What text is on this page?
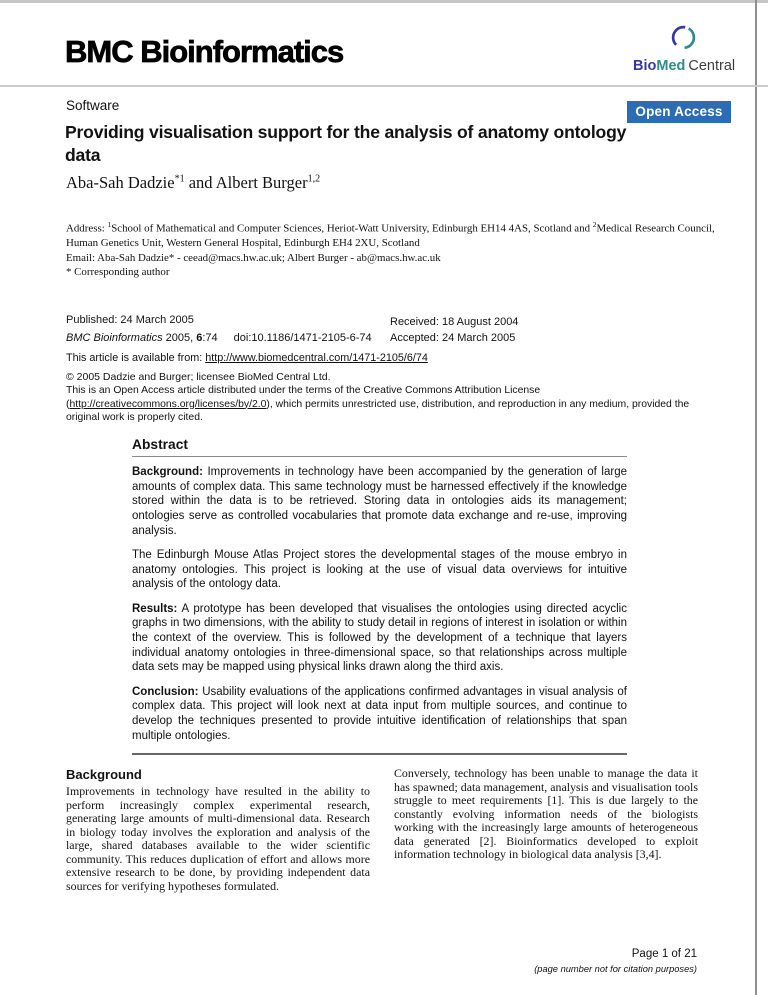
BMC Bioinformatics	BioMed Central
Software	Open Access
Providing visualisation support for the analysis of anatomy ontology
data
Aba-Sah Dadzie$^{*1}$ and Albert Burger$^{1,2}$
Address: $^1$School of Mathematical and Computer Sciences, Heriot-Watt University, Edinburgh EH14 4AS, Scotland and $^2$Medical Research Council, Human Genetics Unit, Western General Hospital, Edinburgh EH4 2XU, Scotland
Email: Aba-Sah Dadzie* - ceead@macs.hw.ac.uk; Albert Burger - ab@macs.hw.ac.uk
* Corresponding author
Published: 24 March 2005	Received: 18 August 2004
Accepted: 24 March 2005
BMC Bioinformatics 2005, 6:74 doi:10.1186/1471-2105-6-74
This article is available from: http://www.biomedcentral.com/1471-2105/6/74
© 2005 Dadzie and Burger; licensee BioMed Central Ltd.
This is an Open Access article distributed under the terms of the Creative Commons Attribution License (http://creativecommons.org/licenses/by/2.0), which permits unrestricted use, distribution, and reproduction in any medium, provided the original work is properly cited.
Abstract

Background: Improvements in technology have been accompanied by the generation of large amounts of complex data. This same technology must be harnessed effectively if the knowledge stored within the data is to be retrieved. Storing data in ontologies aids its management; ontologies serve as controlled vocabularies that promote data exchange and re-use, improving analysis.

The Edinburgh Mouse Atlas Project stores the developmental stages of the mouse embryo in anatomy ontologies. This project is looking at the use of visual data overviews for intuitive analysis of the ontology data.

Results: A prototype has been developed that visualises the ontologies using directed acyclic graphs in two dimensions, with the ability to study detail in regions of interest in isolation or within the context of the overview. This is followed by the development of a technique that layers individual anatomy ontologies in three-dimensional space, so that relationships across multiple data sets may be mapped using physical links drawn along the third axis.

Conclusion: Usability evaluations of the applications confirmed advantages in visual analysis of complex data. This project will look next at data input from multiple sources, and continue to develop the techniques presented to provide intuitive identification of relationships that span multiple ontologies.

Background

Improvements in technology have resulted in the ability to perform increasingly complex experimental research, generating large amounts of multi-dimensional data. Research in biology today involves the exploration and analysis of the large, shared databases available to the wider scientific community. This reduces duplication of effort and allows more extensive research to be done, by providing independent data sources for verifying hypotheses formulated.

Conversely, technology has been unable to manage the data it has spawned; data management, analysis and visualisation tools struggle to meet requirements [1]. This is due largely to the constantly evolving information needs of the biologists working with the increasingly large amounts of heterogeneous data generated [2]. Bioinformatics developed to exploit information technology in biological data analysis [3,4].

Page 1 of 21
(page number not for citation purposes)
